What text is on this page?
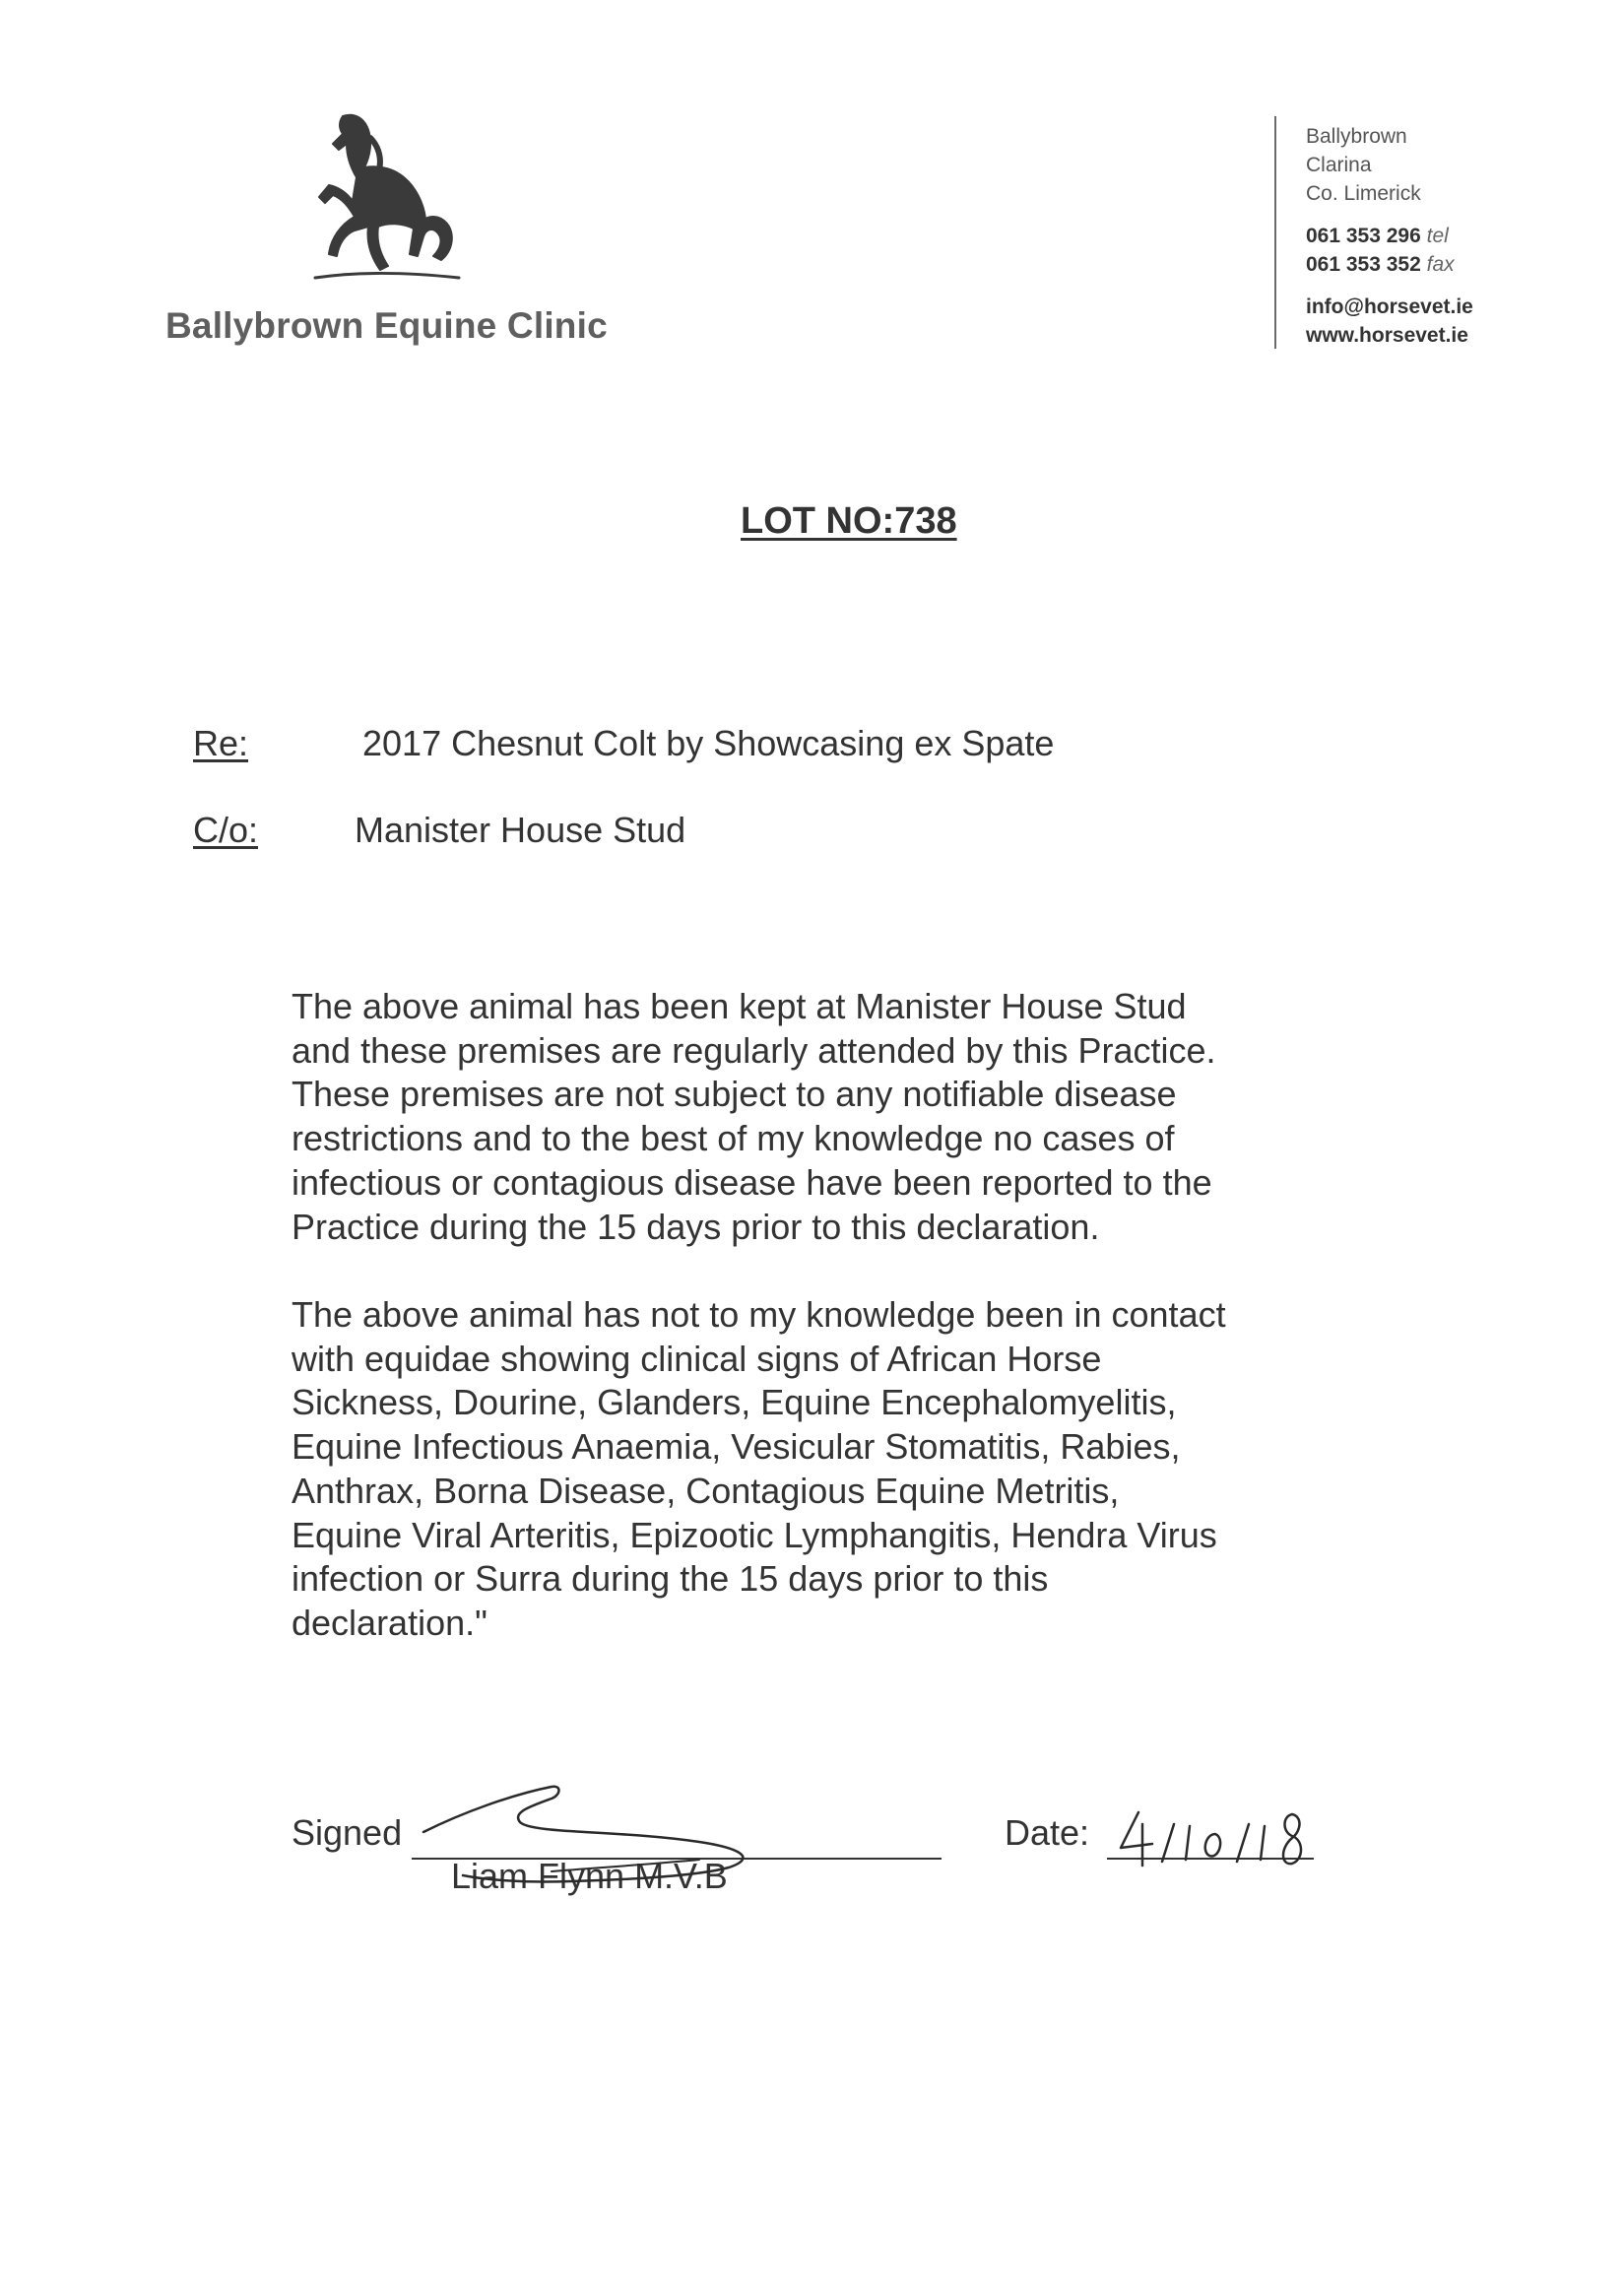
Ballybrown Equine Clinic
Ballybrown
Clarina
Co. Limerick
061 353 296 tel
061 353 352 fax
info@horsevet.ie
www.horsevet.ie
LOT NO:738
Re:	2017 Chesnut Colt by Showcasing ex Spate
C/o:	Manister House Stud
The above animal has been kept at Manister House Stud
and these premises are regularly attended by this Practice.
These premises are not subject to any notifiable disease
restrictions and to the best of my knowledge no cases of
infectious or contagious disease have been reported to the
Practice during the 15 days prior to this declaration.
The above animal has not to my knowledge been in contact
with equidae showing clinical signs of African Horse
Sickness, Dourine, Glanders, Equine Encephalomyelitis,
Equine Infectious Anaemia, Vesicular Stomatitis, Rabies,
Anthrax, Borna Disease, Contagious Equine Metritis,
Equine Viral Arteritis, Epizootic Lymphangitis, Hendra Virus
infection or Surra during the 15 days prior to this
declaration."
Signed
Liam Flynn M.V.B
Date:
